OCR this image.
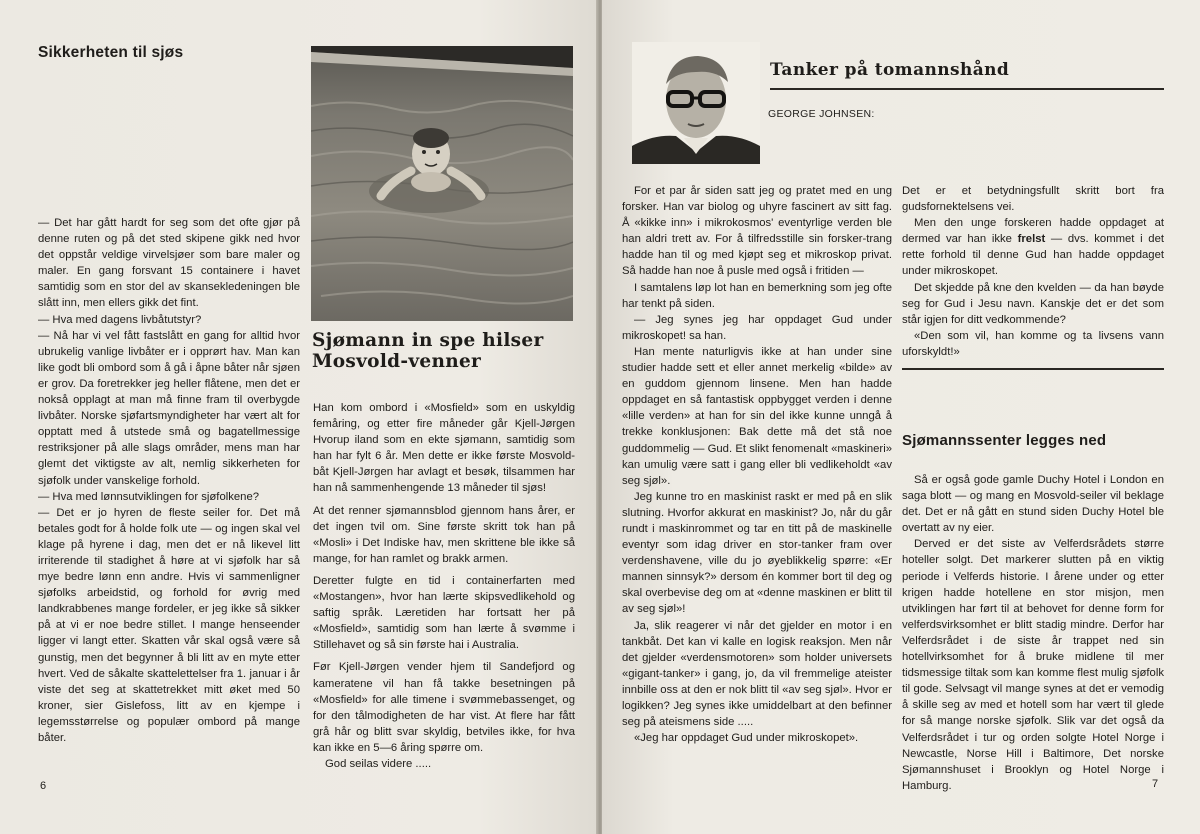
Sikkerheten til sjøs

— Det har gått hardt for seg som det ofte gjør på denne ruten og på det sted skipene gikk ned hvor det oppstår veldige virvelsjøer som bare maler og maler. En gang forsvant 15 containere i havet samtidig som en stor del av skansekledeningen ble slått inn, men ellers gikk det fint.

— Hva med dagens livbåtutstyr?

— Nå har vi vel fått fastslått en gang for alltid hvor ubrukelig vanlige livbåter er i opprørt hav. Man kan like godt bli ombord som å gå i åpne båter når sjøen er grov. Da foretrekker jeg heller flåtene, men det er nokså opplagt at man må finne fram til overbygde livbåter. Norske sjøfartsmyndigheter har vært alt for opptatt med å utstede små og bagatellmessige restriksjoner på alle slags områder, mens man har glemt det viktigste av alt, nemlig sikkerheten for sjøfolk under vanskelige forhold.

— Hva med lønnsutviklingen for sjøfolkene?

— Det er jo hyren de fleste seiler for. Det må betales godt for å holde folk ute — og ingen skal vel klage på hyrene i dag, men det er nå likevel litt irriterende til stadighet å høre at vi sjøfolk har så mye bedre lønn enn andre. Hvis vi sammenligner sjøfolks arbeidstid, og forhold for øvrig med landkrabbenes mange fordeler, er jeg ikke så sikker på at vi er noe bedre stillet. I mange henseender ligger vi langt etter. Skatten vår skal også være så gunstig, men det begynner å bli litt av en myte etter hvert. Ved de såkalte skattelettelser fra 1. januar i år viste det seg at skattetrekket mitt øket med 50 kroner, sier Gislefoss, litt av en kjempe i legemsstørrelse og populær ombord på mange båter.

Sjømann in spe hilser Mosvold-venner

Han kom ombord i «Mosfield» som en uskyldig femåring, og etter fire måneder går Kjell-Jørgen Hvorup iland som en ekte sjømann, samtidig som han har fylt 6 år. Men dette er ikke første Mosvold-båt Kjell-Jørgen har avlagt et besøk, tilsammen har han nå sammenhengende 13 måneder til sjøs!

At det renner sjømannsblod gjennom hans årer, er det ingen tvil om. Sine første skritt tok han på «Mosli» i Det Indiske hav, men skrittene ble ikke så mange, for han ramlet og brakk armen.

Deretter fulgte en tid i containerfarten med «Mostangen», hvor han lærte skipsvedlikehold og saftig språk. Læretiden har fortsatt her på «Mosfield», samtidig som han lærte å svømme i Stillehavet og så sin første hai i Australia.

Før Kjell-Jørgen vender hjem til Sandefjord og kameratene vil han få takke besetningen på «Mosfield» for alle timene i svømmebassenget, og for den tålmodigheten de har vist. At flere har fått grå hår og blitt svar skyldig, betviles ikke, for hva kan ikke en 5—6 åring spørre om.

God seilas videre .....

6
Tanker på tomannshånd
GEORGE JOHNSEN:

For et par år siden satt jeg og pratet med en ung forsker. Han var biolog og uhyre fascinert av sitt fag. Å «kikke inn» i mikrokosmos' eventyrlige verden ble han aldri trett av. For å tilfredsstille sin forsker-trang hadde han til og med kjøpt seg et mikroskop privat. Så hadde han noe å pusle med også i fritiden —

I samtalens løp lot han en bemerkning som jeg ofte har tenkt på siden.

— Jeg synes jeg har oppdaget Gud under mikroskopet! sa han.

Han mente naturligvis ikke at han under sine studier hadde sett et eller annet merkelig «bilde» av en guddom gjennom linsene. Men han hadde oppdaget en så fantastisk oppbygget verden i denne «lille verden» at han for sin del ikke kunne unngå å trekke konklusjonen: Bak dette må det stå noe guddommelig — Gud. Et slikt fenomenalt «maskineri» kan umulig være satt i gang eller bli vedlikeholdt «av seg sjøl».

Jeg kunne tro en maskinist raskt er med på en slik slutning. Hvorfor akkurat en maskinist? Jo, når du går rundt i maskinrommet og tar en titt på de maskinelle eventyr som idag driver en stor-tanker fram over verdenshavene, ville du jo øyeblikkelig spørre: «Er mannen sinnsyk?» dersom én kommer bort til deg og skal overbevise deg om at «denne maskinen er blitt til av seg sjøl»!

Ja, slik reagerer vi når det gjelder en motor i en tankbåt. Det kan vi kalle en logisk reaksjon. Men når det gjelder «verdensmotoren» som holder universets «gigant-tanker» i gang, jo, da vil fremmelige ateister innbille oss at den er nok blitt til «av seg sjøl». Hvor er logikken? Jeg synes ikke umiddelbart at den befinner seg på ateismens side .....

«Jeg har oppdaget Gud under mikroskopet».

Det er et betydningsfullt skritt bort fra gudsfornektelsens vei.

Men den unge forskeren hadde oppdaget at dermed var han ikke frelst — dvs. kommet i det rette forhold til denne Gud han hadde oppdaget under mikroskopet.

Det skjedde på kne den kvelden — da han bøyde seg for Gud i Jesu navn. Kanskje det er det som står igjen for ditt vedkommende?

«Den som vil, han komme og ta livsens vann uforskyldt!»

Sjømannssenter legges ned

Så er også gode gamle Duchy Hotel i London en saga blott — og mang en Mosvold-seiler vil beklage det. Det er nå gått en stund siden Duchy Hotel ble overtatt av ny eier.

Derved er det siste av Velferdsrådets større hoteller solgt. Det markerer slutten på en viktig periode i Velferds historie. I årene under og etter krigen hadde hotellene en stor misjon, men utviklingen har ført til at behovet for denne form for velferdsvirksomhet er blitt stadig mindre. Derfor har Velferdsrådet i de siste år trappet ned sin hotellvirksomhet for å bruke midlene til mer tidsmessige tiltak som kan komme flest mulig sjøfolk til gode. Selvsagt vil mange synes at det er vemodig å skille seg av med et hotell som har vært til glede for så mange norske sjøfolk. Slik var det også da Velferdsrådet i tur og orden solgte Hotel Norge i Newcastle, Norse Hill i Baltimore, Det norske Sjømannshuset i Brooklyn og Hotel Norge i Hamburg.	7
